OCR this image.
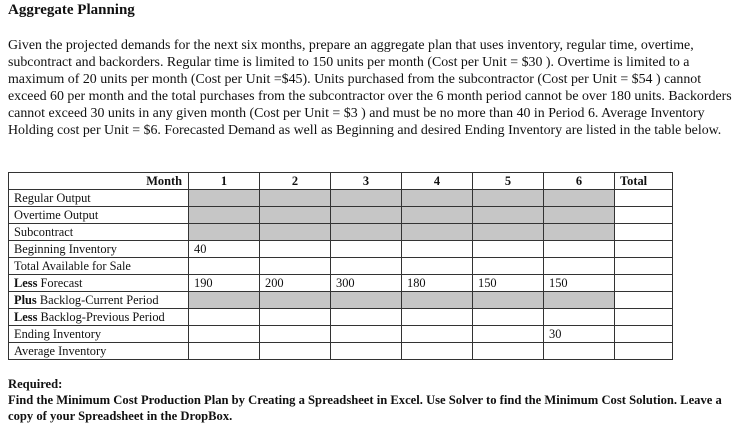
Aggregate Planning

Given the projected demands for the next six months, prepare an aggregate plan that uses inventory, regular time, overtime, subcontract and backorders. Regular time is limited to 150 units per month (Cost per Unit = $30 ). Overtime is limited to a maximum of 20 units per month (Cost per Unit =$45). Units purchased from the subcontractor (Cost per Unit = $54 ) cannot exceed 60 per month and the total purchases from the subcontractor over the 6 month period cannot be over 180 units. Backorders cannot exceed 30 units in any given month (Cost per Unit = $3 ) and must be no more than 40 in Period 6. Average Inventory Holding cost per Unit = $6. Forecasted Demand as well as Beginning and desired Ending Inventory are listed in the table below.

Month	1	2	3	4	5	6	Total
Regular Output							
Overtime Output							
Subcontract							
Beginning Inventory	40						
Total Available for Sale							
Less Forecast	190	200	300	180	150	150	
Plus Backlog-Current Period							
Less Backlog-Previous Period							
Ending Inventory						30	
Average Inventory							
Required:
Find the Minimum Cost Production Plan by Creating a Spreadsheet in Excel. Use Solver to find the Minimum Cost Solution. Leave a copy of your Spreadsheet in the DropBox.
